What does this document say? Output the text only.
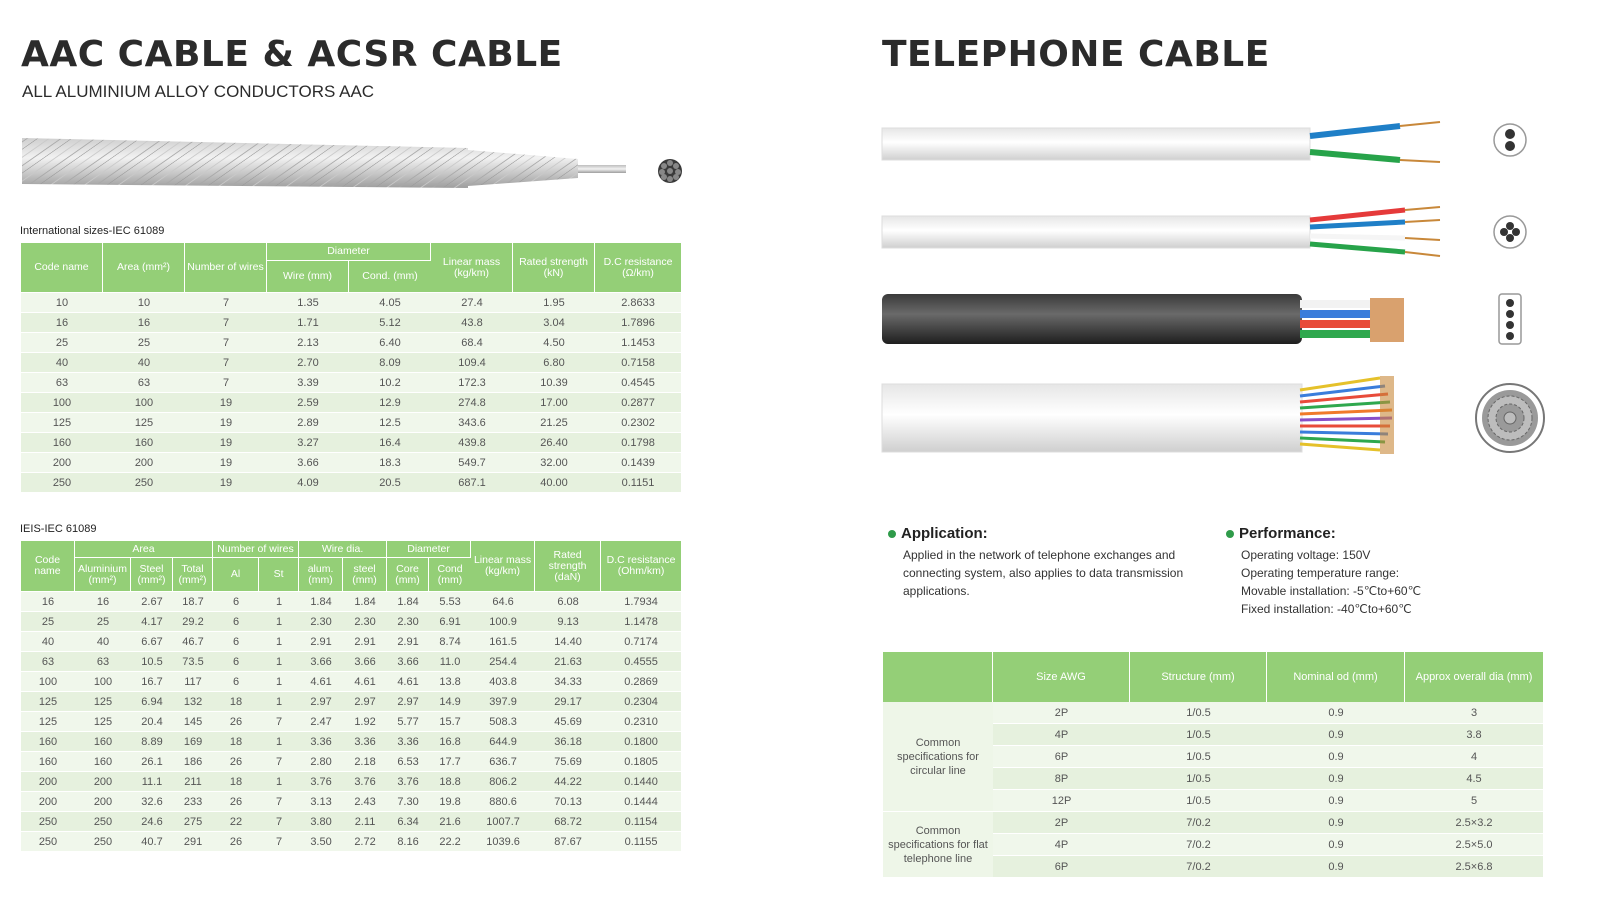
AAC CABLE & ACSR CABLE
ALL ALUMINIUM ALLOY CONDUCTORS AAC
International sizes-IEC 61089
Code name	Area (mm²)	Number of wires	Diameter		Linear mass (kg/km)	Rated strength (kN)	D.C resistance (Ω/km)
			Wire (mm)	Cond. (mm)			
10	10	7	1.35	4.05	27.4	1.95	2.8633
16	16	7	1.71	5.12	43.8	3.04	1.7896
25	25	7	2.13	6.40	68.4	4.50	1.1453
40	40	7	2.70	8.09	109.4	6.80	0.7158
63	63	7	3.39	10.2	172.3	10.39	0.4545
100	100	19	2.59	12.9	274.8	17.00	0.2877
125	125	19	2.89	12.5	343.6	21.25	0.2302
160	160	19	3.27	16.4	439.8	26.40	0.1798
200	200	19	3.66	18.3	549.7	32.00	0.1439
250	250	19	4.09	20.5	687.1	40.00	0.1151
IEIS-IEC 61089
Code name	Area			Number of wires		Wire dia.		Diameter		Linear mass (kg/km)	Rated strength (daN)	D.C resistance (Ohm/km)
	Aluminium (mm²)	Steel (mm²)	Total (mm²)	Al	St	alum. (mm)	steel (mm)	Core (mm)	Cond (mm)			
16	16	2.67	18.7	6	1	1.84	1.84	1.84	5.53	64.6	6.08	1.7934
25	25	4.17	29.2	6	1	2.30	2.30	2.30	6.91	100.9	9.13	1.1478
40	40	6.67	46.7	6	1	2.91	2.91	2.91	8.74	161.5	14.40	0.7174
63	63	10.5	73.5	6	1	3.66	3.66	3.66	11.0	254.4	21.63	0.4555
100	100	16.7	117	6	1	4.61	4.61	4.61	13.8	403.8	34.33	0.2869
125	125	6.94	132	18	1	2.97	2.97	2.97	14.9	397.9	29.17	0.2304
125	125	20.4	145	26	7	2.47	1.92	5.77	15.7	508.3	45.69	0.2310
160	160	8.89	169	18	1	3.36	3.36	3.36	16.8	644.9	36.18	0.1800
160	160	26.1	186	26	7	2.80	2.18	6.53	17.7	636.7	75.69	0.1805
200	200	11.1	211	18	1	3.76	3.76	3.76	18.8	806.2	44.22	0.1440
200	200	32.6	233	26	7	3.13	2.43	7.30	19.8	880.6	70.13	0.1444
250	250	24.6	275	22	7	3.80	2.11	6.34	21.6	1007.7	68.72	0.1154
250	250	40.7	291	26	7	3.50	2.72	8.16	22.2	1039.6	87.67	0.1155
TELEPHONE CABLE
Application:
Applied in the network of telephone exchanges and
connecting system, also applies to data transmission
applications.
Performance:
Operating voltage: 150V
Operating temperature range:
Movable installation: -5℃to+60℃
Fixed installation: -40℃to+60℃
	Size AWG	Structure (mm)	Nominal od (mm)	Approx overall dia (mm)
Common specifications for circular line	2P	1/0.5	0.9	3
	4P	1/0.5	0.9	3.8
	6P	1/0.5	0.9	4
	8P	1/0.5	0.9	4.5
	12P	1/0.5	0.9	5
Common specifications for flat telephone line	2P	7/0.2	0.9	2.5×3.2
	4P	7/0.2	0.9	2.5×5.0
	6P	7/0.2	0.9	2.5×6.8
